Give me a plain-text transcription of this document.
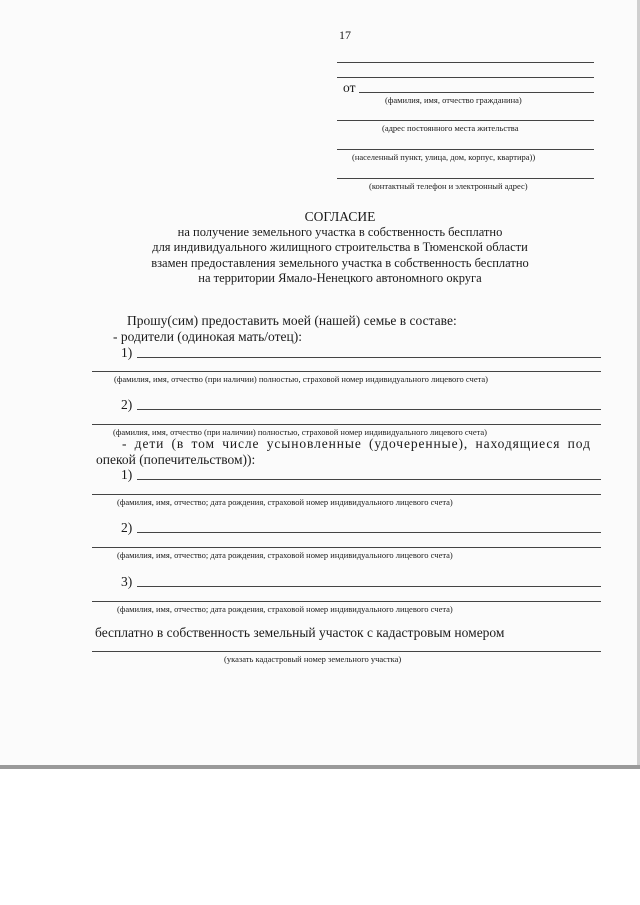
17
от
(фамилия, имя, отчество гражданина)
(адрес постоянного места жительства
(населенный пункт, улица, дом, корпус, квартира))
(контактный телефон и электронный адрес)
СОГЛАСИЕ
на получение земельного участка в собственность бесплатно
для индивидуального жилищного строительства в Тюменской области
взамен предоставления земельного участка в собственность бесплатно
на территории Ямало-Ненецкого автономного округа
Прошу(сим) предоставить моей (нашей) семье в составе:
- родители (одинокая мать/отец):
1)
(фамилия, имя, отчество (при наличии) полностью, страховой номер индивидуального лицевого счета)
2)
(фамилия, имя, отчество (при наличии) полностью, страховой номер индивидуального лицевого счета)
- дети (в том числе усыновленные (удочеренные), находящиеся под
опекой (попечительством)):
1)
(фамилия, имя, отчество; дата рождения, страховой номер индивидуального лицевого счета)
2)
(фамилия, имя, отчество; дата рождения, страховой номер индивидуального лицевого счета)
3)
(фамилия, имя, отчество; дата рождения, страховой номер индивидуального лицевого счета)
бесплатно в собственность земельный участок с кадастровым номером
(указать кадастровый номер земельного участка)
